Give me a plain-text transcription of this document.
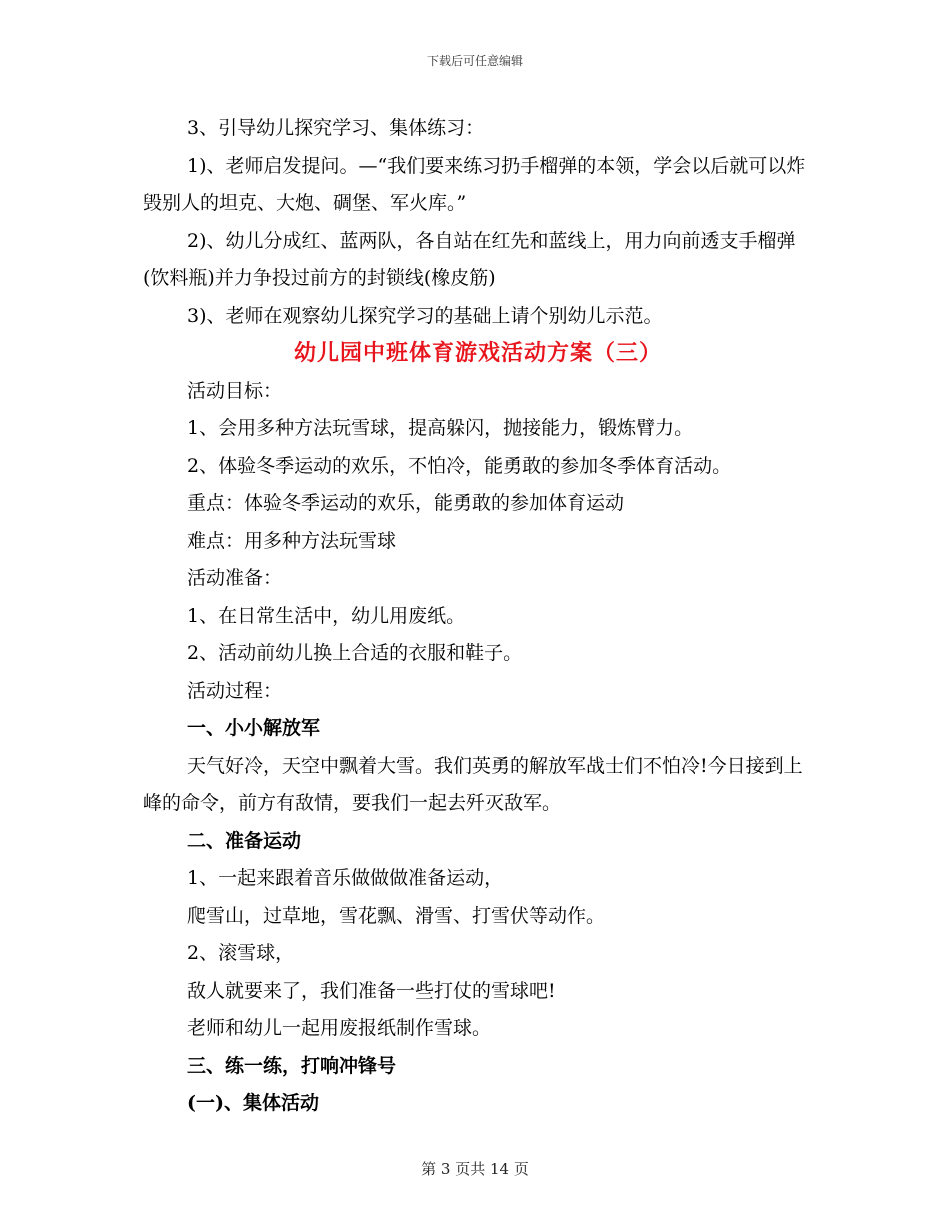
下载后可任意编辑

3、引导幼儿探究学习、集体练习：

1)、老师启发提问。—“我们要来练习扔手榴弹的本领，学会以后就可以炸毁别人的坦克、大炮、碉堡、军火库。”

2)、幼儿分成红、蓝两队，各自站在红先和蓝线上，用力向前透支手榴弹(饮料瓶)并力争投过前方的封锁线(橡皮筋)

3)、老师在观察幼儿探究学习的基础上请个别幼儿示范。

幼儿园中班体育游戏活动方案（三）

活动目标：

1、会用多种方法玩雪球，提高躲闪，抛接能力，锻炼臂力。

2、体验冬季运动的欢乐，不怕冷，能勇敢的参加冬季体育活动。

重点：体验冬季运动的欢乐，能勇敢的参加体育运动

难点：用多种方法玩雪球

活动准备：

1、在日常生活中，幼儿用废纸。

2、活动前幼儿换上合适的衣服和鞋子。

活动过程：

一、小小解放军

天气好冷，天空中飘着大雪。我们英勇的解放军战士们不怕冷!今日接到上峰的命令，前方有敌情，要我们一起去歼灭敌军。

二、准备运动

1、一起来跟着音乐做做做准备运动，

爬雪山，过草地，雪花飘、滑雪、打雪伏等动作。

2、滚雪球，

敌人就要来了，我们准备一些打仗的雪球吧!

老师和幼儿一起用废报纸制作雪球。

三、练一练，打响冲锋号

(一)、集体活动

第 3 页共 14 页
